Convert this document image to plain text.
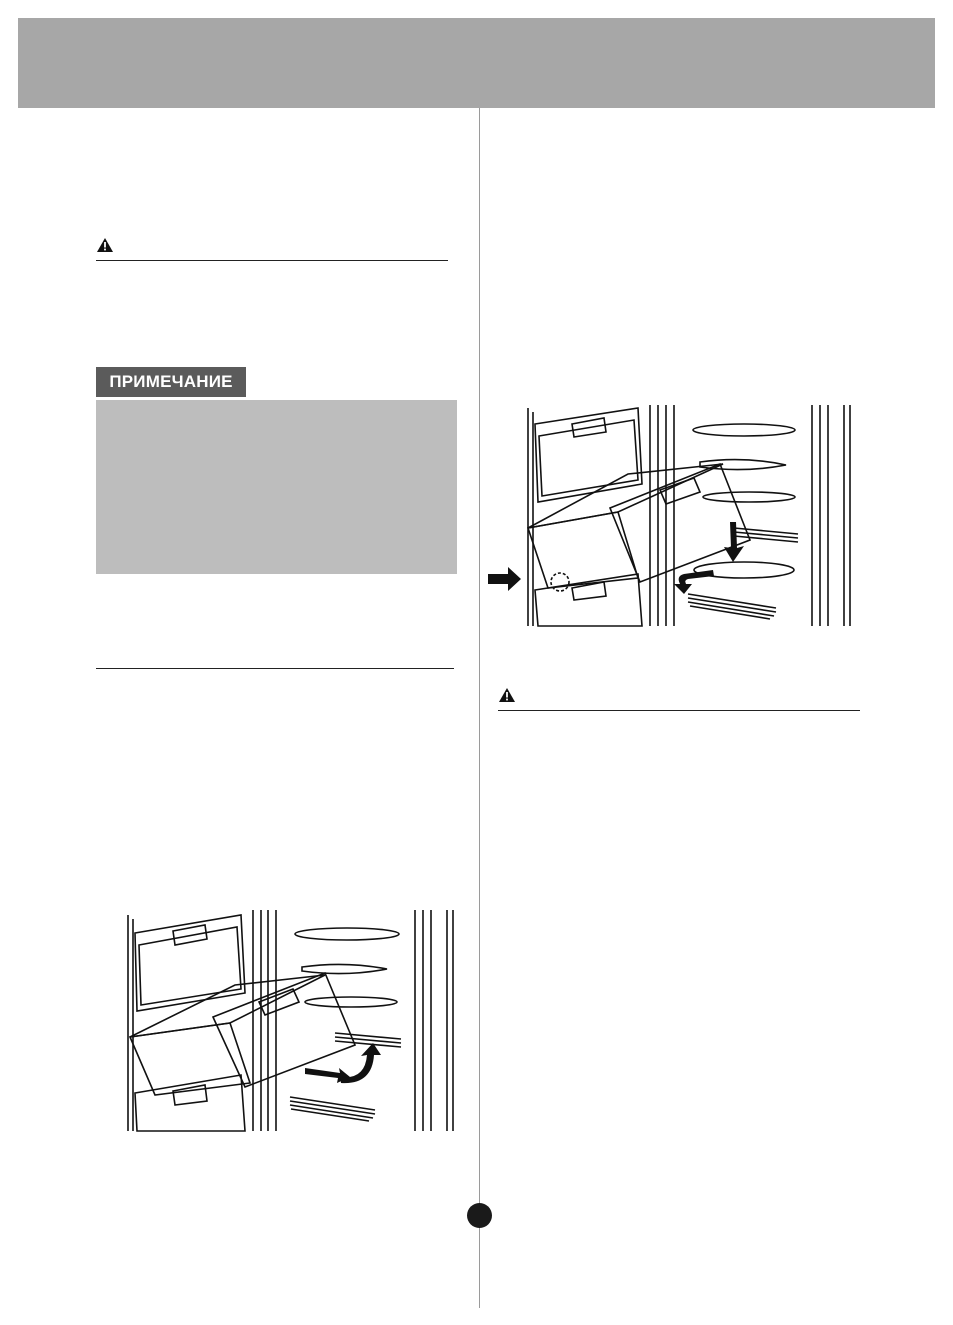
ПРИМЕЧАНИЕ
